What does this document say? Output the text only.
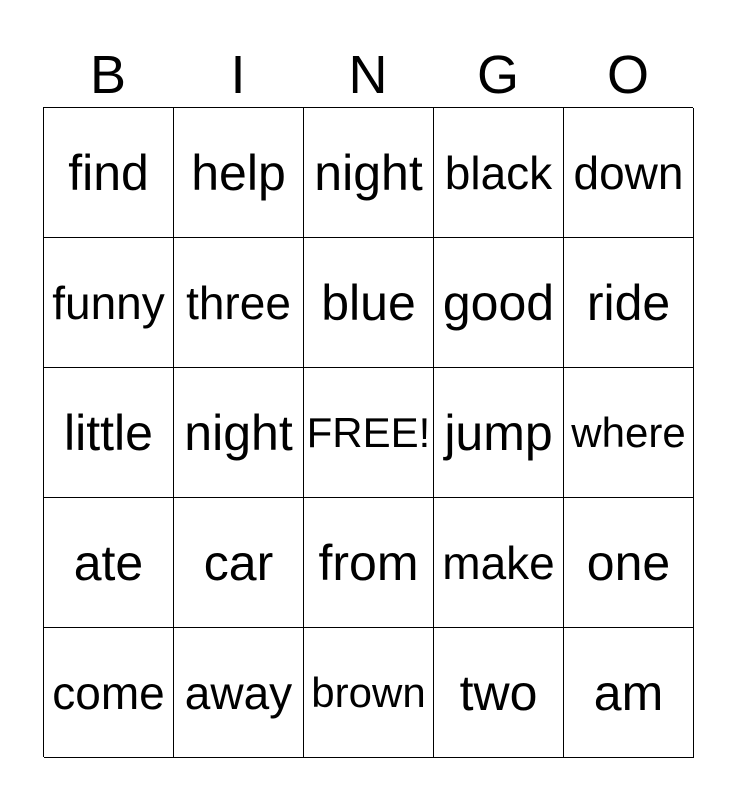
B	I	N	G	O
find help night black down
funny three blue good ride
little night FREE! jump where
ate	car from make one
come away brown two	am
